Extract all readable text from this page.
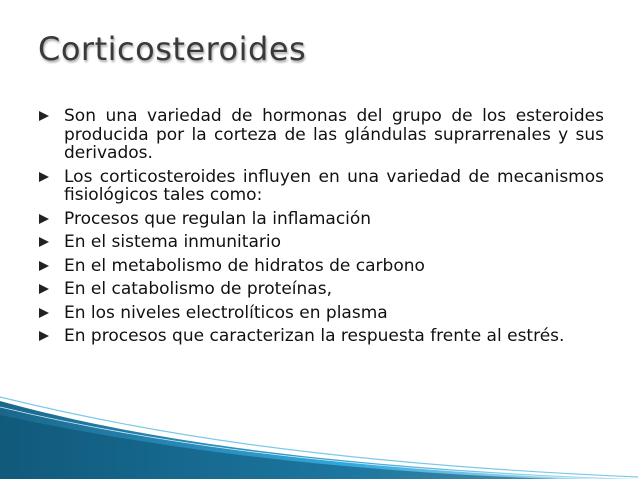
Corticosteroides
Son una variedad de hormonas del grupo de los esteroides producida por la corteza de las glándulas suprarrenales y sus derivados.
Los corticosteroides influyen en una variedad de mecanismos fisiológicos tales como:
Procesos que regulan la inflamación
En el sistema inmunitario
En el metabolismo de hidratos de carbono
En el catabolismo de proteínas,
En los niveles electrolíticos en plasma
En procesos que caracterizan la respuesta frente al estrés.
